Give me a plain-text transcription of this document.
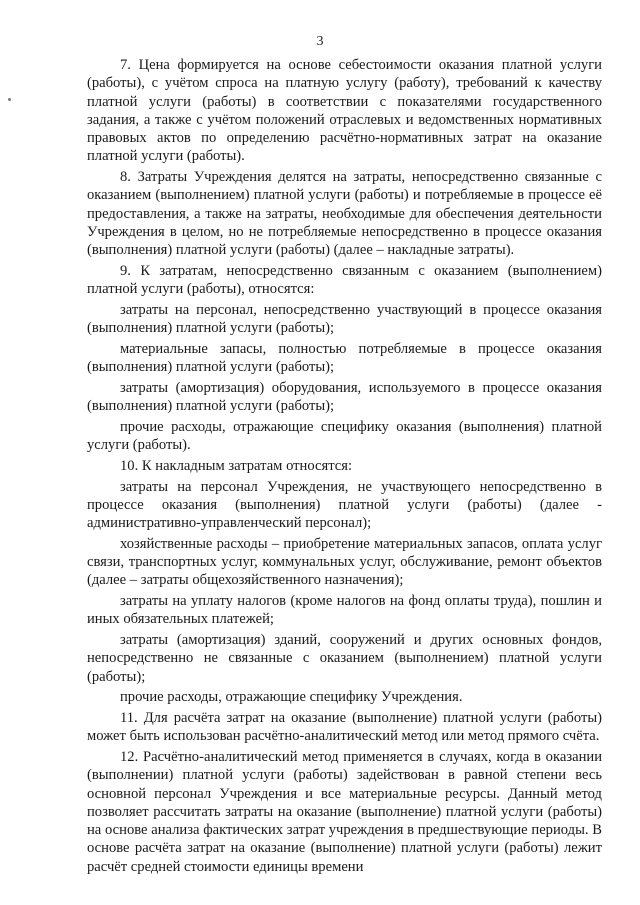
3

7. Цена формируется на основе себестоимости оказания платной услуги (работы), с учётом спроса на платную услугу (работу), требований к качеству платной услуги (работы) в соответствии с показателями государственного задания, а также с учётом положений отраслевых и ведомственных нормативных правовых актов по определению расчётно-нормативных затрат на оказание платной услуги (работы).

8. Затраты Учреждения делятся на затраты, непосредственно связанные с оказанием (выполнением) платной услуги (работы) и потребляемые в процессе её предоставления, а также на затраты, необходимые для обеспечения деятельности Учреждения в целом, но не потребляемые непосредственно в процессе оказания (выполнения) платной услуги (работы) (далее – накладные затраты).

9. К затратам, непосредственно связанным с оказанием (выполнением) платной услуги (работы), относятся:

затраты на персонал, непосредственно участвующий в процессе оказания (выполнения) платной услуги (работы);

материальные запасы, полностью потребляемые в процессе оказания (выполнения) платной услуги (работы);

затраты (амортизация) оборудования, используемого в процессе оказания (выполнения) платной услуги (работы);

прочие расходы, отражающие специфику оказания (выполнения) платной услуги (работы).

10. К накладным затратам относятся:

затраты на персонал Учреждения, не участвующего непосредственно в процессе оказания (выполнения) платной услуги (работы) (далее - административно-управленческий персонал);

хозяйственные расходы – приобретение материальных запасов, оплата услуг связи, транспортных услуг, коммунальных услуг, обслуживание, ремонт объектов (далее – затраты общехозяйственного назначения);

затраты на уплату налогов (кроме налогов на фонд оплаты труда), пошлин и иных обязательных платежей;

затраты (амортизация) зданий, сооружений и других основных фондов, непосредственно не связанные с оказанием (выполнением) платной услуги (работы);

прочие расходы, отражающие специфику Учреждения.

11. Для расчёта затрат на оказание (выполнение) платной услуги (работы) может быть использован расчётно-аналитический метод или метод прямого счёта.

12. Расчётно-аналитический метод применяется в случаях, когда в оказании (выполнении) платной услуги (работы) задействован в равной степени весь основной персонал Учреждения и все материальные ресурсы. Данный метод позволяет рассчитать затраты на оказание (выполнение) платной услуги (работы) на основе анализа фактических затрат учреждения в предшествующие периоды. В основе расчёта затрат на оказание (выполнение) платной услуги (работы) лежит расчёт средней стоимости единицы времени
